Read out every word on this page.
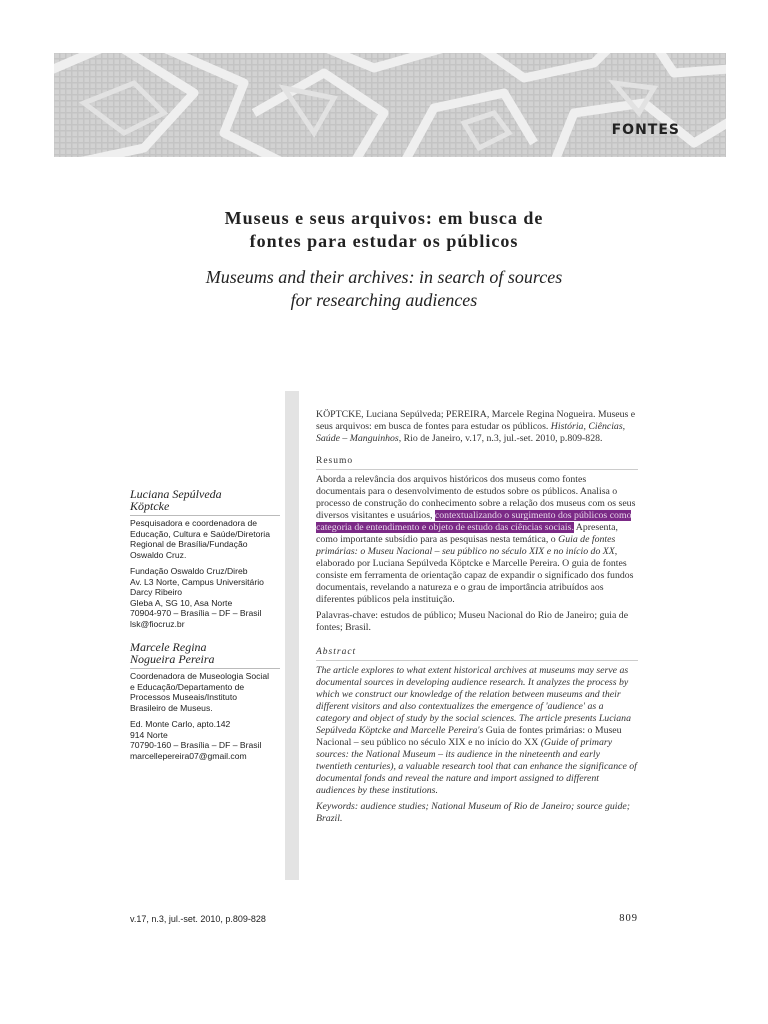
FONTES
Museus e seus arquivos: em busca de
fontes para estudar os públicos
Museums and their archives: in search of sources
for researching audiences
Luciana Sepúlveda
Köptcke

Pesquisadora e coordenadora de
Educação, Cultura e Saúde/Diretoria
Regional de Brasília/Fundação
Oswaldo Cruz.

Fundação Oswaldo Cruz/Direb
Av. L3 Norte, Campus Universitário
Darcy Ribeiro
Gleba A, SG 10, Asa Norte
70904-970 – Brasília – DF – Brasil
lsk@fiocruz.br

Marcele Regina
Nogueira Pereira

Coordenadora de Museologia Social
e Educação/Departamento de
Processos Museais/Instituto
Brasileiro de Museus.

Ed. Monte Carlo, apto.142
914 Norte
70790-160 – Brasília – DF – Brasil
marcellepereira07@gmail.com

KÖPTCKE, Luciana Sepúlveda; PEREIRA, Marcele Regina Nogueira. Museus e seus arquivos: em busca de fontes para estudar os públicos. História, Ciências, Saúde – Manguinhos, Rio de Janeiro, v.17, n.3, jul.-set. 2010, p.809-828.

Resumo

Aborda a relevância dos arquivos históricos dos museus como fontes documentais para o desenvolvimento de estudos sobre os públicos. Analisa o processo de construção do conhecimento sobre a relação dos museus com os seus diversos visitantes e usuários, contextualizando o surgimento dos públicos como categoria de entendimento e objeto de estudo das ciências sociais. Apresenta, como importante subsídio para as pesquisas nesta temática, o Guia de fontes primárias: o Museu Nacional – seu público no século XIX e no início do XX, elaborado por Luciana Sepúlveda Köptcke e Marcelle Pereira. O guia de fontes consiste em ferramenta de orientação capaz de expandir o significado dos fundos documentais, revelando a natureza e o grau de importância atribuídos aos diferentes públicos pela instituição.

Palavras-chave: estudos de público; Museu Nacional do Rio de Janeiro; guia de fontes; Brasil.

Abstract

The article explores to what extent historical archives at museums may serve as documental sources in developing audience research. It analyzes the process by which we construct our knowledge of the relation between museums and their different visitors and also contextualizes the emergence of 'audience' as a category and object of study by the social sciences. The article presents Luciana Sepúlveda Köptcke and Marcelle Pereira's Guia de fontes primárias: o Museu Nacional – seu público no século XIX e no início do XX (Guide of primary sources: the National Museum – its audience in the nineteenth and early twentieth centuries), a valuable research tool that can enhance the significance of documental fonds and reveal the nature and import assigned to different audiences by these institutions.

Keywords: audience studies; National Museum of Rio de Janeiro; source guide; Brazil.

v.17, n.3, jul.-set. 2010, p.809-828	809
